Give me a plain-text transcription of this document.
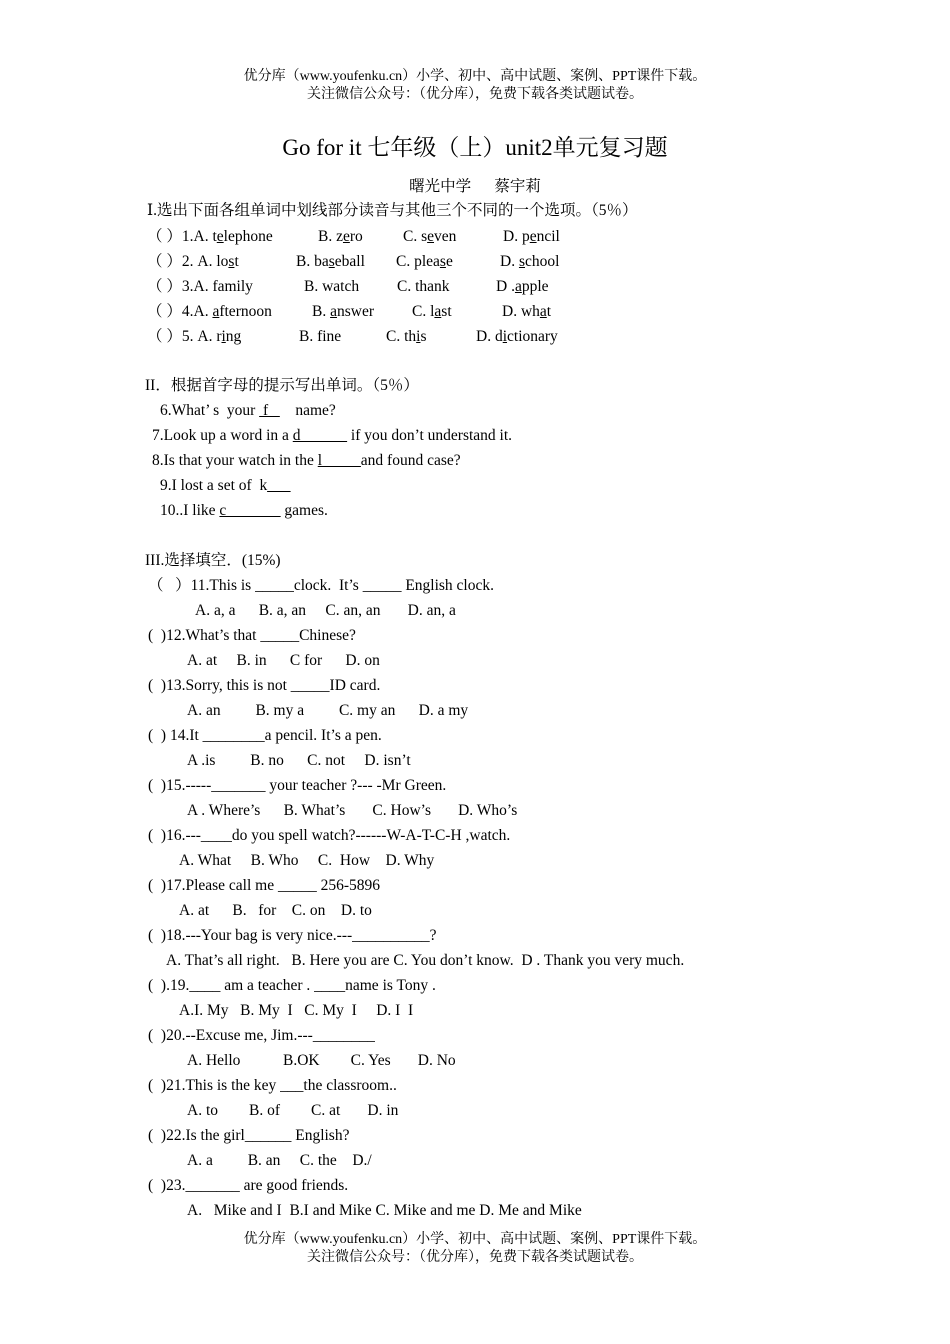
优分库（www.youfenku.cn）小学、初中、高中试题、案例、PPT课件下载。
关注微信公众号：（优分库），免费下载各类试题试卷。
Go for it 七年级（上）unit2单元复习题
曙光中学      蔡宇莉
Ⅰ.选出下面各组单词中划线部分读音与其他三个不同的一个选项。（5％）
（ ）1.A. telephone	B. zero	C. seven	D. pencil
（ ）2. A. lost	B. baseball C. please	D. school
（ ）3.A. family	B. watch C. thank	D .apple
（ ）4.A. afternoon	B. answer C. last	D. what
（ ）5. A. ring	B. fine	C. this	D. dictionary
II．根据首字母的提示写出单词。（5％）
6.What’ s  your  f       name?
7.Look up a word in a d______ if you don’t understand it.
8.Is that your watch in the l_____and found case?
9.I lost a set of  k___
10..I like c_______ games.
III.选择填空．(15%)
（   ）11.This is _____clock.  It’s _____ English clock.
A. a, a      B. a, an     C. an, an       D. an, a
(  )12.What’s that _____Chinese?
A. at     B. in      C for      D. on
(  )13.Sorry, this is not _____ID card.
A. an         B. my a         C. my an      D. a my
(  ) 14.It ________a pencil. It’s a pen.
A .is         B. no      C. not     D. isn’t
(  )15.-----_______ your teacher ?--- -Mr Green.
A . Where’s      B. What’s       C. How’s       D. Who’s
(  )16.---____do you spell watch?------W-A-T-C-H ,watch.
A. What     B. Who     C.  How    D. Why
(  )17.Please call me _____ 256-5896
A. at      B.   for    C. on    D. to
(  )18.---Your bag is very nice.---__________?
A. That’s all right.   B. Here you are C. You don’t know.  D . Thank you very much.
(  ).19.____ am a teacher . ____name is Tony .
A.I. My   B. My  I   C. My  I     D. I  I
(  )20.--Excuse me, Jim.---________
A. Hello           B.OK        C. Yes       D. No
(  )21.This is the key ___the classroom..
A. to        B. of        C. at       D. in
(  )22.Is the girl______ English?
A. a         B. an     C. the    D./
(  )23._______ are good friends.
A.   Mike and I  B.I and Mike C. Mike and me D. Me and Mike
优分库（www.youfenku.cn）小学、初中、高中试题、案例、PPT课件下载。
关注微信公众号：（优分库），免费下载各类试题试卷。
